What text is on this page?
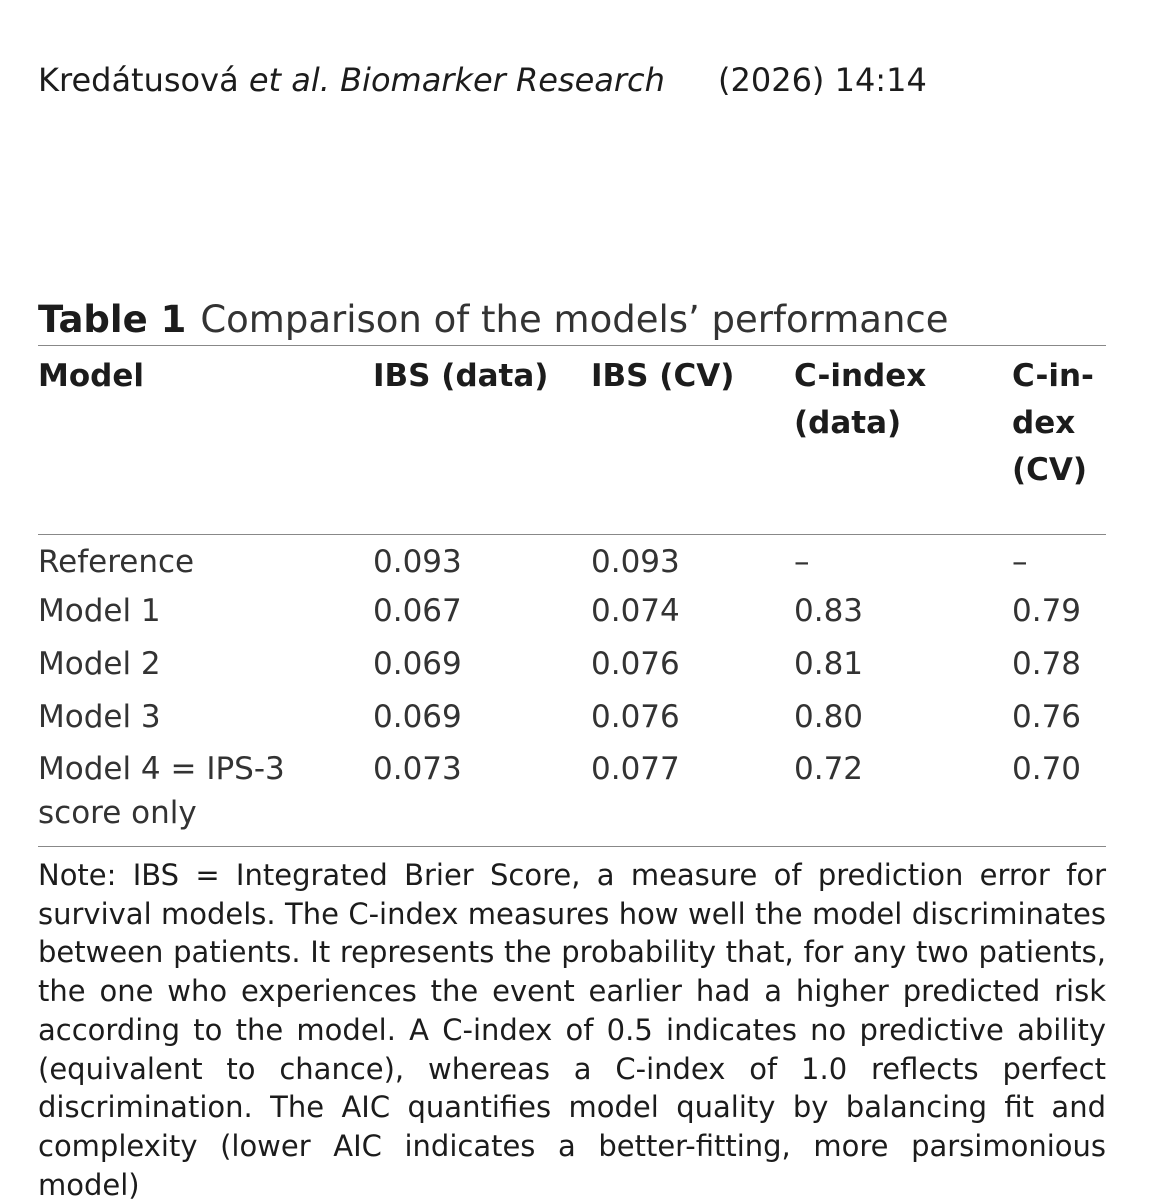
Kredátusová et al. Biomarker Research (2026) 14:14
Table 1 Comparison of the models’ performance
Model	IBS (data)	IBS (CV)	C-index (data)	C-in-dex (CV)
Reference	0.093	0.093	–	–
Model 1	0.067	0.074	0.83	0.79
Model 2	0.069	0.076	0.81	0.78
Model 3	0.069	0.076	0.80	0.76
Model 4 = IPS-3 score only	0.073	0.077	0.72	0.70
Note: IBS = Integrated Brier Score, a measure of prediction error for survival models. The C-index measures how well the model discriminates between patients. It represents the probability that, for any two patients, the one who experiences the event earlier had a higher predicted risk according to the model. A C-index of 0.5 indicates no predictive ability (equivalent to chance), whereas a C-index of 1.0 reflects perfect discrimination. The AIC quantifies model quality by balancing fit and complexity (lower AIC indicates a better-fitting, more parsimonious model)
